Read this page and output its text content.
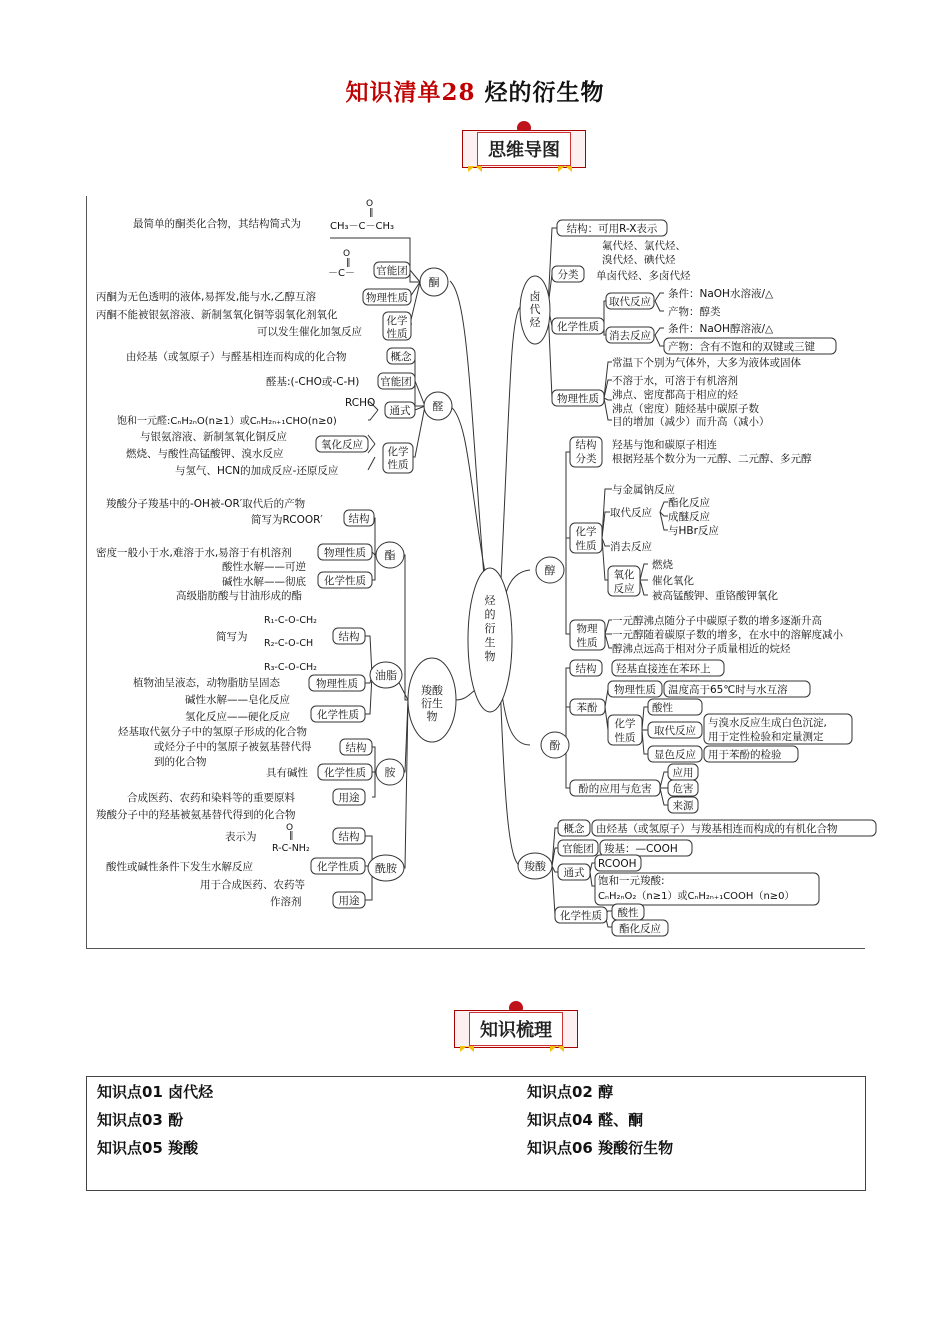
知识清单28 烃的衍生物
思维导图
烃的衍生物
酮
醛
羧酸衍生物
卤代烃
醇
酚
羧酸
酯
油脂
胺
酰胺
最简单的酮类化合物，其结构简式为
O
‖
CH₃－C－CH₃
O
‖
－C－ 官能团
丙酮为无色透明的液体,易挥发,能与水,乙醇互溶	物理性质
丙酮不能被银氨溶液、新制氢氧化铜等弱氧化剂氧化
可以发生催化加氢反应
化学
性质
由烃基（或氢原子）与醛基相连而构成的化合物	概念
醛基:(-CHO或-C-H) 官能团
RCHO
通式
饱和一元醛:CₙH₂ₙO(n≥1）或CₙH₂ₙ₊₁CHO(n≥0)
与银氨溶液、新制氢氧化铜反应
氧化反应
燃烧、与酸性高锰酸钾、溴水反应
与氢气、HCN的加成反应-还原反应
化学
性质
羧酸分子羧基中的-OH被-OR′取代后的产物
简写为RCOOR′ 结构
密度一般小于水,难溶于水,易溶于有机溶剂	物理性质
酸性水解——可逆
碱性水解——彻底 化学性质
高级脂肪酸与甘油形成的酯
简写为
R₁-C-O-CH₂
R₂-C-O-CH
R₃-C-O-CH₂
结构
植物油呈液态，动物脂肪呈固态	物理性质
碱性水解——皂化反应
氢化反应——硬化反应	化学性质
烃基取代氨分子中的氢原子形成的化合物
或烃分子中的氢原子被氨基替代得
到的化合物
结构
具有碱性 化学性质
合成医药、农药和染料等的重要原料	用途
羧酸分子中的羟基被氨基替代得到的化合物
表示为
O
‖
R-C-NH₂
结构
酸性或碱性条件下发生水解反应	化学性质
用于合成医药、农药等
作溶剂	用途
结构：可用R-X表示
氟代烃、氯代烃、
溴代烃、碘代烃
分类 单卤代烃、多卤代烃
取代反应
条件：NaOH水溶液/△
产物：醇类
化学性质
消去反应
条件：NaOH醇溶液/△
产物：含有不饱和的双键或三键
常温下个别为气体外，大多为液体或固体
不溶于水，可溶于有机溶剂
物理性质 沸点、密度都高于相应的烃
沸点（密度）随烃基中碳原子数
目的增加（减少）而升高（减小）
结构
分类
羟基与饱和碳原子相连
根据羟基个数分为一元醇、二元醇、多元醇
与金属钠反应
取代反应
酯化反应
成醚反应
与HBr反应
化学
性质 消去反应
氧化
反应
燃烧
催化氧化
被高锰酸钾、重铬酸钾氧化
物理
性质
一元醇沸点随分子中碳原子数的增多逐渐升高
一元醇随着碳原子数的增多，在水中的溶解度减小
醇沸点远高于相对分子质量相近的烷烃
结构 羟基直接连在苯环上
苯酚
物理性质 温度高于65℃时与水互溶
化学
性质
酸性
取代反应
与溴水反应生成白色沉淀,
用于定性检验和定量测定
显色反应 用于苯酚的检验
酚的应用与危害
应用
危害
来源
概念 由烃基（或氢原子）与羧基相连而构成的有机化合物
官能团 羧基：—COOH
通式
RCOOH
饱和一元羧酸:
CₙH₂ₙO₂（n≥1）或CₙH₂ₙ₊₁COOH（n≥0）
化学性质 酸性
酯化反应
知识梳理
知识点01 卤代烃	知识点02 醇
知识点03 酚	知识点04 醛、酮
知识点05 羧酸	知识点06 羧酸衍生物
